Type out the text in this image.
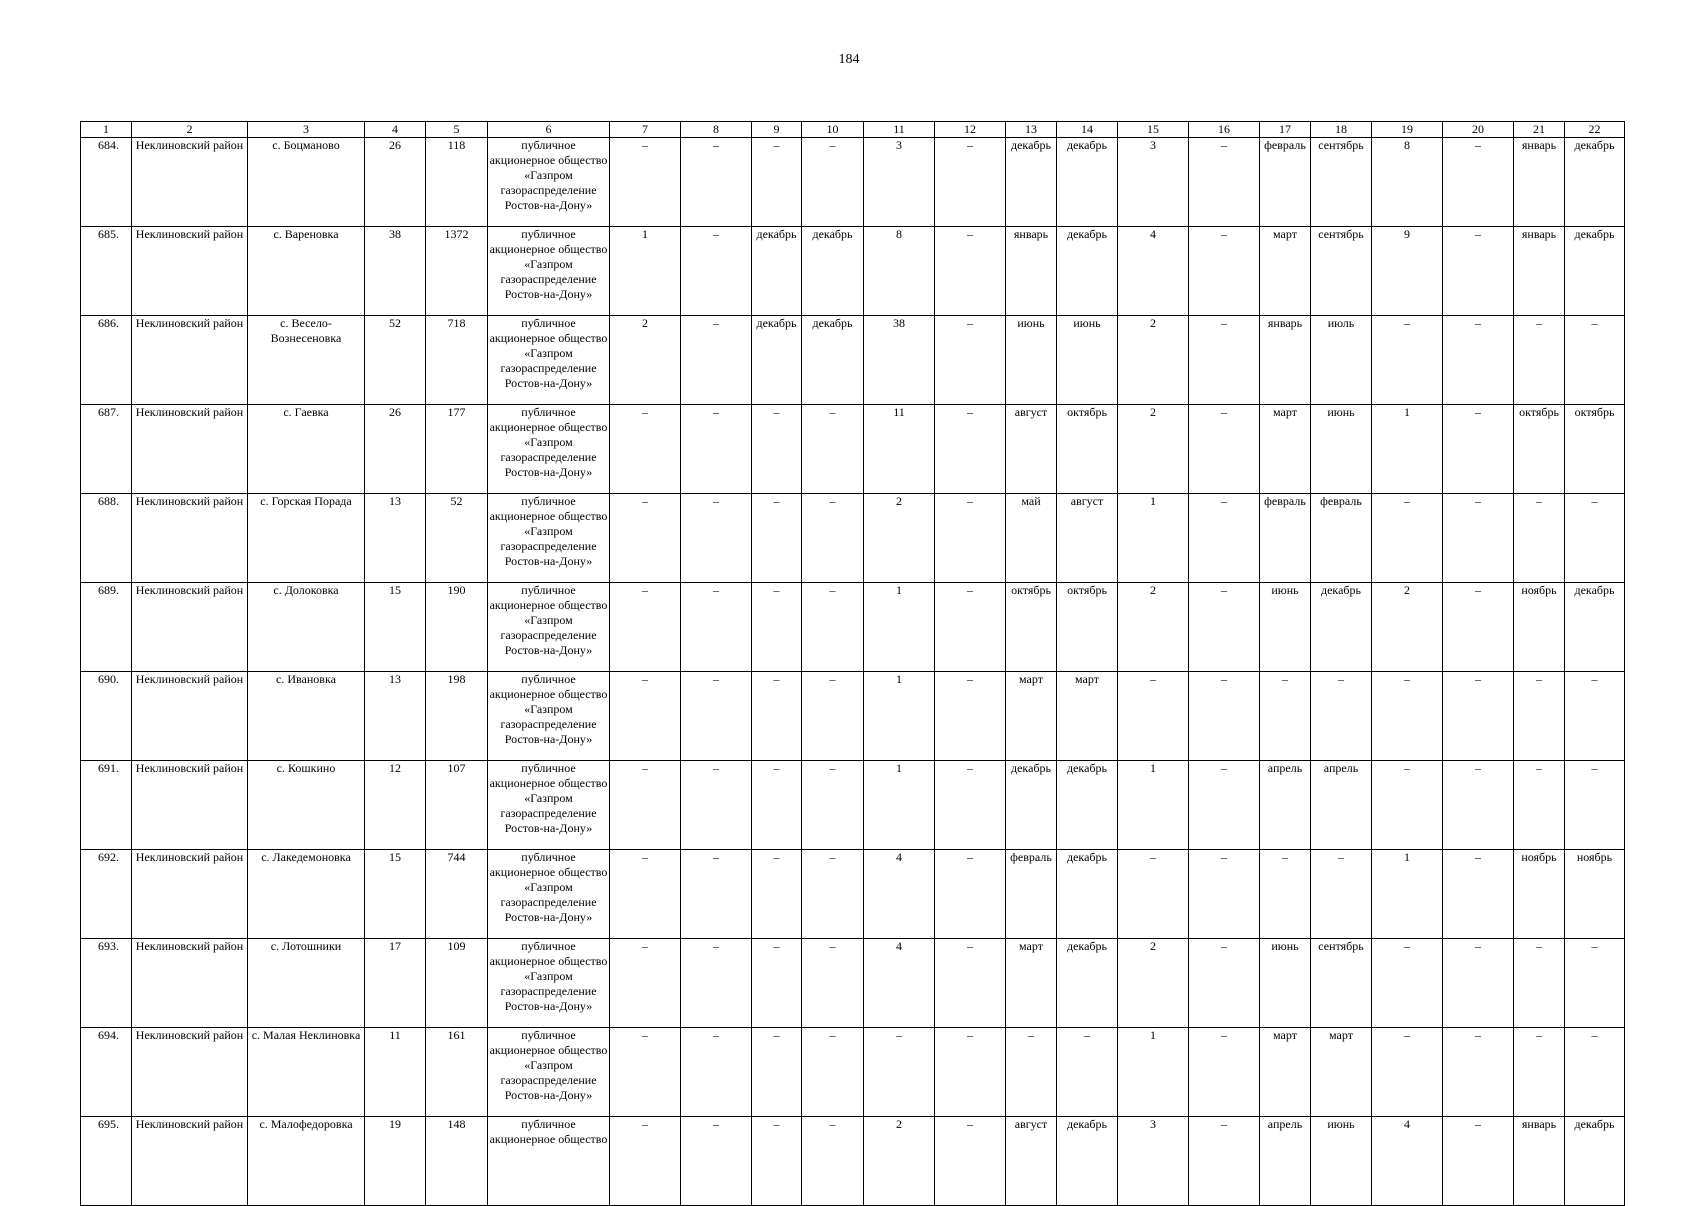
184
1	2	3	4	5	6	7	8	9	10	11	12	13	14	15	16	17	18	19	20	21	22
684.	Неклиновский район	с. Боцманово	26	118	публичное акционерное общество «Газпром газораспределение Ростов-на-Дону»	–	–	–	–	3	–	декабрь	декабрь	3	–	февраль	сентябрь	8	–	январь	декабрь
685.	Неклиновский район	с. Вареновка	38	1372	публичное акционерное общество «Газпром газораспределение Ростов-на-Дону»	1	–	декабрь	декабрь	8	–	январь	декабрь	4	–	март	сентябрь	9	–	январь	декабрь
686.	Неклиновский район	с. Весело-Вознесеновка	52	718	публичное акционерное общество «Газпром газораспределение Ростов-на-Дону»	2	–	декабрь	декабрь	38	–	июнь	июнь	2	–	январь	июль	–	–	–	–
687.	Неклиновский район	с. Гаевка	26	177	публичное акционерное общество «Газпром газораспределение Ростов-на-Дону»	–	–	–	–	11	–	август	октябрь	2	–	март	июнь	1	–	октябрь	октябрь
688.	Неклиновский район	с. Горская Порада	13	52	публичное акционерное общество «Газпром газораспределение Ростов-на-Дону»	–	–	–	–	2	–	май	август	1	–	февраль	февраль	–	–	–	–
689.	Неклиновский район	с. Долоковка	15	190	публичное акционерное общество «Газпром газораспределение Ростов-на-Дону»	–	–	–	–	1	–	октябрь	октябрь	2	–	июнь	декабрь	2	–	ноябрь	декабрь
690.	Неклиновский район	с. Ивановка	13	198	публичное акционерное общество «Газпром газораспределение Ростов-на-Дону»	–	–	–	–	1	–	март	март	–	–	–	–	–	–	–	–
691.	Неклиновский район	с. Кошкино	12	107	публичное акционерное общество «Газпром газораспределение Ростов-на-Дону»	–	–	–	–	1	–	декабрь	декабрь	1	–	апрель	апрель	–	–	–	–
692.	Неклиновский район	с. Лакедемоновка	15	744	публичное акционерное общество «Газпром газораспределение Ростов-на-Дону»	–	–	–	–	4	–	февраль	декабрь	–	–	–	–	1	–	ноябрь	ноябрь
693.	Неклиновский район	с. Лотошники	17	109	публичное акционерное общество «Газпром газораспределение Ростов-на-Дону»	–	–	–	–	4	–	март	декабрь	2	–	июнь	сентябрь	–	–	–	–
694.	Неклиновский район	с. Малая Неклиновка	11	161	публичное акционерное общество «Газпром газораспределение Ростов-на-Дону»	–	–	–	–	–	–	–	–	1	–	март	март	–	–	–	–
695.	Неклиновский район	с. Малофедоровка	19	148	публичное акционерное общество	–	–	–	–	2	–	август	декабрь	3	–	апрель	июнь	4	–	январь	декабрь
